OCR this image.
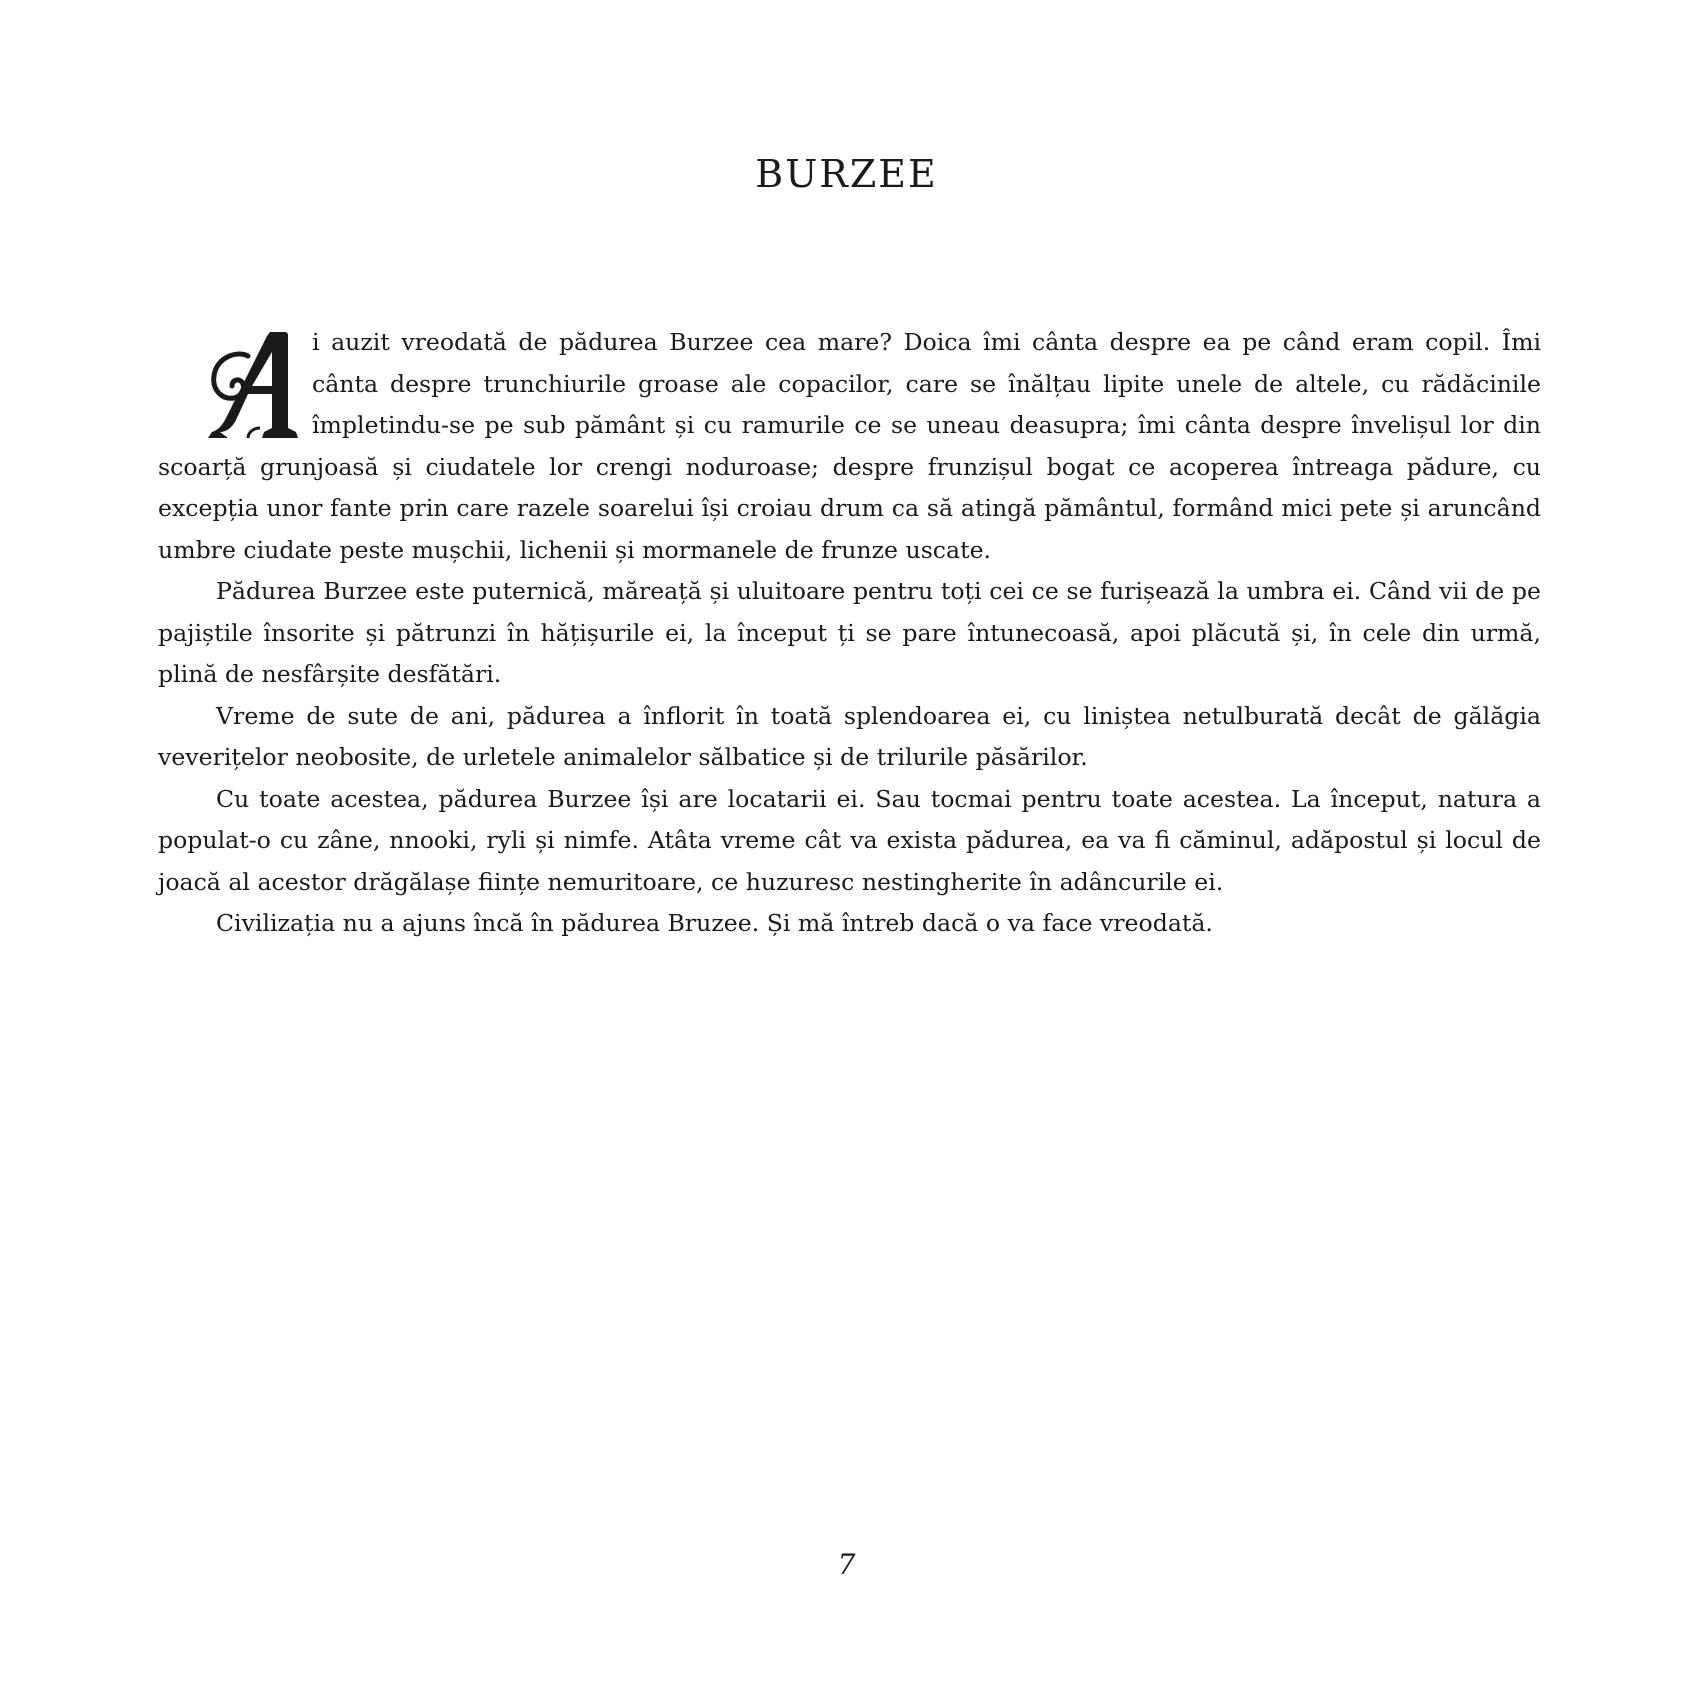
BURZEE

i auzit vreodată de pădurea Burzee cea mare? Doica îmi cânta despre ea pe când eram copil. Îmi cânta despre trunchiurile groase ale copacilor, care se înălțau lipite unele de altele, cu rădăcinile împletindu-se pe sub pământ și cu ramurile ce se uneau deasupra; îmi cânta despre învelișul lor din scoarță grunjoasă și ciudatele lor crengi noduroase; despre frunzișul bogat ce acoperea întreaga pădure, cu excepția unor fante prin care razele soarelui își croiau drum ca să atingă pământul, formând mici pete și aruncând umbre ciudate peste mușchii, lichenii și mormanele de frunze uscate.

Pădurea Burzee este puternică, măreață și uluitoare pentru toți cei ce se furișează la umbra ei. Când vii de pe pajiștile însorite și pătrunzi în hățișurile ei, la început ți se pare întunecoasă, apoi plăcută și, în cele din urmă, plină de nesfârșite desfătări.

Vreme de sute de ani, pădurea a înflorit în toată splendoarea ei, cu liniștea netulburată decât de gălăgia veverițelor neobosite, de urletele animalelor sălbatice și de trilurile păsărilor.

Cu toate acestea, pădurea Burzee își are locatarii ei. Sau tocmai pentru toate acestea. La început, natura a populat-o cu zâne, nnooki, ryli și nimfe. Atâta vreme cât va exista pădurea, ea va fi căminul, adăpostul și locul de joacă al acestor drăgălașe ființe nemuritoare, ce huzuresc nestingherite în adâncurile ei.

Civilizația nu a ajuns încă în pădurea Bruzee. Și mă întreb dacă o va face vreodată.

7
